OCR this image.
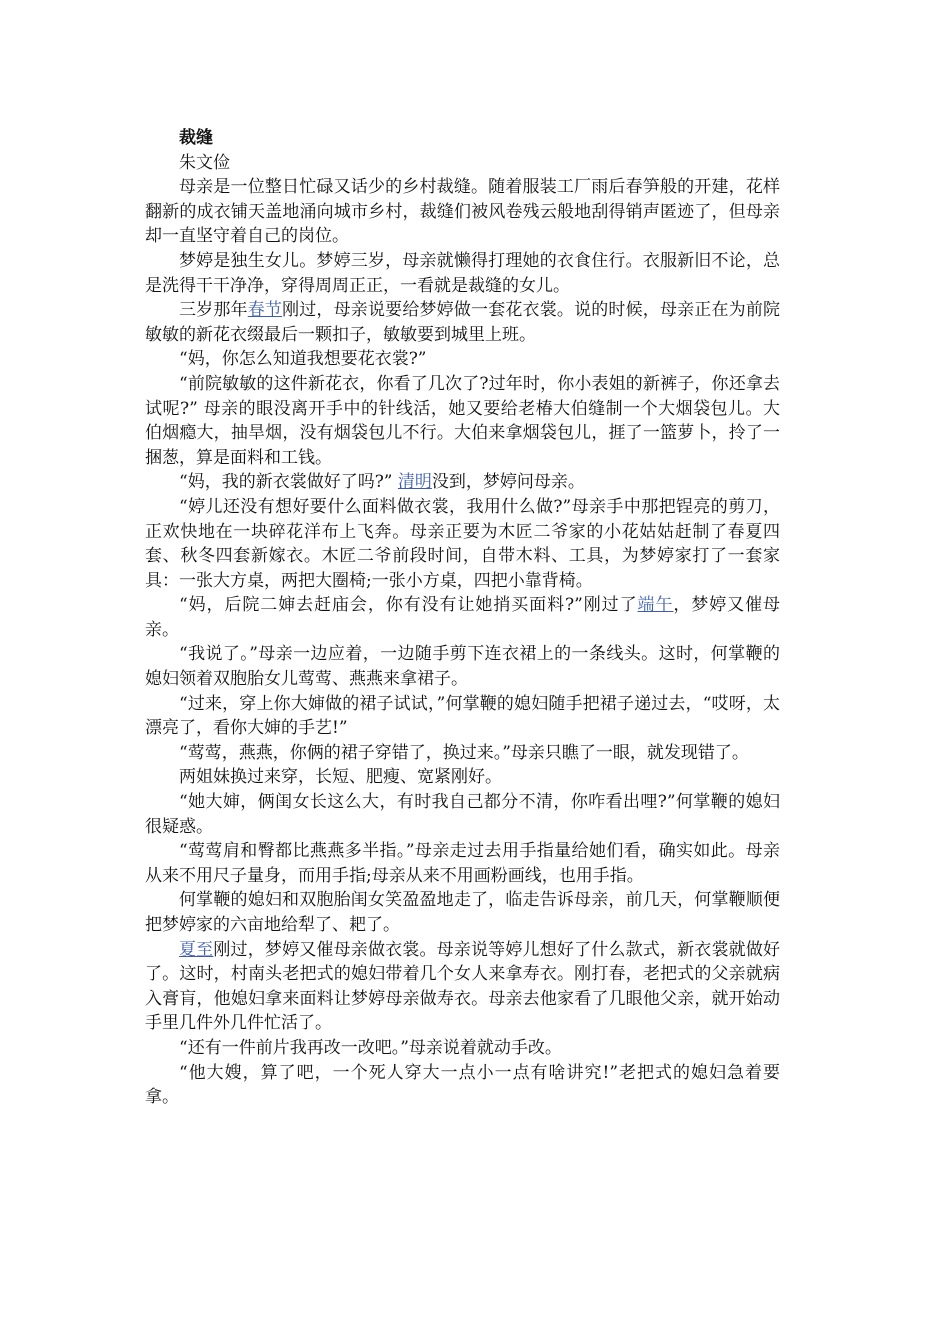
裁缝
朱文俭

母亲是一位整日忙碌又话少的乡村裁缝。随着服装工厂雨后春笋般的开建，花样翻新的成衣铺天盖地涌向城市乡村，裁缝们被风卷残云般地刮得销声匿迹了，但母亲却一直坚守着自己的岗位。

梦婷是独生女儿。梦婷三岁，母亲就懒得打理她的衣食住行。衣服新旧不论，总是洗得干干净净，穿得周周正正，一看就是裁缝的女儿。

三岁那年春节刚过，母亲说要给梦婷做一套花衣裳。说的时候，母亲正在为前院敏敏的新花衣缀最后一颗扣子，敏敏要到城里上班。

“妈，你怎么知道我想要花衣裳?”

“前院敏敏的这件新花衣，你看了几次了?过年时，你小表姐的新裤子，你还拿去试呢?” 母亲的眼没离开手中的针线活，她又要给老椿大伯缝制一个大烟袋包儿。大伯烟瘾大，抽旱烟，没有烟袋包儿不行。大伯来拿烟袋包儿，捱了一篮萝卜，拎了一捆葱，算是面料和工钱。

“妈，我的新衣裳做好了吗?” 清明没到，梦婷问母亲。

“婷儿还没有想好要什么面料做衣裳，我用什么做?”母亲手中那把锃亮的剪刀，正欢快地在一块碎花洋布上飞奔。母亲正要为木匠二爷家的小花姑姑赶制了春夏四套、秋冬四套新嫁衣。木匠二爷前段时间，自带木料、工具，为梦婷家打了一套家具：一张大方桌，两把大圈椅;一张小方桌，四把小靠背椅。

“妈，后院二婶去赶庙会，你有没有让她捎买面料?”刚过了端午，梦婷又催母亲。

“我说了。”母亲一边应着，一边随手剪下连衣裙上的一条线头。这时，何掌鞭的媳妇领着双胞胎女儿莺莺、燕燕来拿裙子。

“过来，穿上你大婶做的裙子试试，”何掌鞭的媳妇随手把裙子递过去，“哎呀，太漂亮了，看你大婶的手艺!”

“莺莺，燕燕，你俩的裙子穿错了，换过来。”母亲只瞧了一眼，就发现错了。

两姐妹换过来穿，长短、肥瘦、宽紧刚好。

“她大婶，俩闺女长这么大，有时我自己都分不清，你咋看出哩?”何掌鞭的媳妇很疑惑。

“莺莺肩和臀都比燕燕多半指。”母亲走过去用手指量给她们看，确实如此。母亲从来不用尺子量身，而用手指;母亲从来不用画粉画线，也用手指。

何掌鞭的媳妇和双胞胎闺女笑盈盈地走了，临走告诉母亲，前几天，何掌鞭顺便把梦婷家的六亩地给犁了、耙了。

夏至刚过，梦婷又催母亲做衣裳。母亲说等婷儿想好了什么款式，新衣裳就做好了。这时，村南头老把式的媳妇带着几个女人来拿寿衣。刚打春，老把式的父亲就病入膏肓，他媳妇拿来面料让梦婷母亲做寿衣。母亲去他家看了几眼他父亲，就开始动手里几件外几件忙活了。

“还有一件前片我再改一改吧。”母亲说着就动手改。

“他大嫂，算了吧，一个死人穿大一点小一点有啥讲究!”老把式的媳妇急着要拿。
